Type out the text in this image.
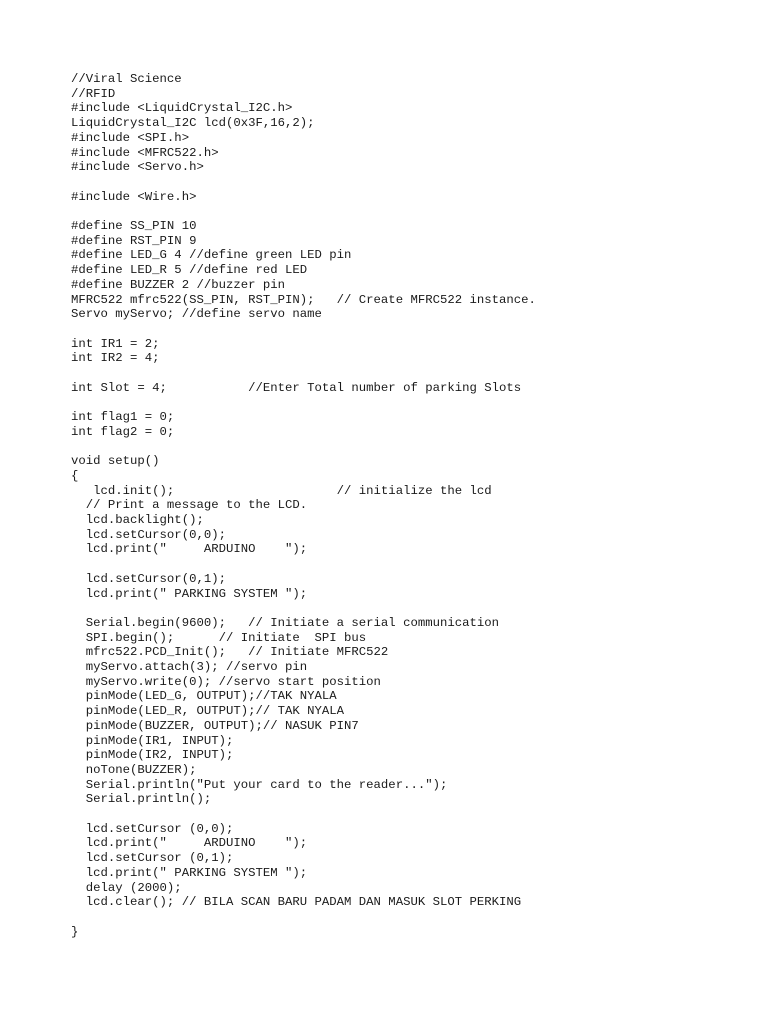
//Viral Science
//RFID
#include <LiquidCrystal_I2C.h>
LiquidCrystal_I2C lcd(0x3F,16,2);
#include <SPI.h>
#include <MFRC522.h>
#include <Servo.h>
#include <Wire.h>
#define SS_PIN 10
#define RST_PIN 9
#define LED_G 4 //define green LED pin
#define LED_R 5 //define red LED
#define BUZZER 2 //buzzer pin
MFRC522 mfrc522(SS_PIN, RST_PIN);   // Create MFRC522 instance.
Servo myServo; //define servo name
int IR1 = 2;
int IR2 = 4;
int Slot = 4;           //Enter Total number of parking Slots
int flag1 = 0;
int flag2 = 0;
void setup()
{
lcd.init();                      // initialize the lcd
// Print a message to the LCD.
lcd.backlight();
lcd.setCursor(0,0);
lcd.print("     ARDUINO    ");
lcd.setCursor(0,1);
lcd.print(" PARKING SYSTEM ");
Serial.begin(9600);   // Initiate a serial communication
SPI.begin();      // Initiate  SPI bus
mfrc522.PCD_Init();   // Initiate MFRC522
myServo.attach(3); //servo pin
myServo.write(0); //servo start position
pinMode(LED_G, OUTPUT);//TAK NYALA
pinMode(LED_R, OUTPUT);// TAK NYALA
pinMode(BUZZER, OUTPUT);// NASUK PIN7
pinMode(IR1, INPUT);
pinMode(IR2, INPUT);
noTone(BUZZER);
Serial.println("Put your card to the reader...");
Serial.println();
lcd.setCursor (0,0);
lcd.print("     ARDUINO    ");
lcd.setCursor (0,1);
lcd.print(" PARKING SYSTEM ");
delay (2000);
lcd.clear(); // BILA SCAN BARU PADAM DAN MASUK SLOT PERKING
}
